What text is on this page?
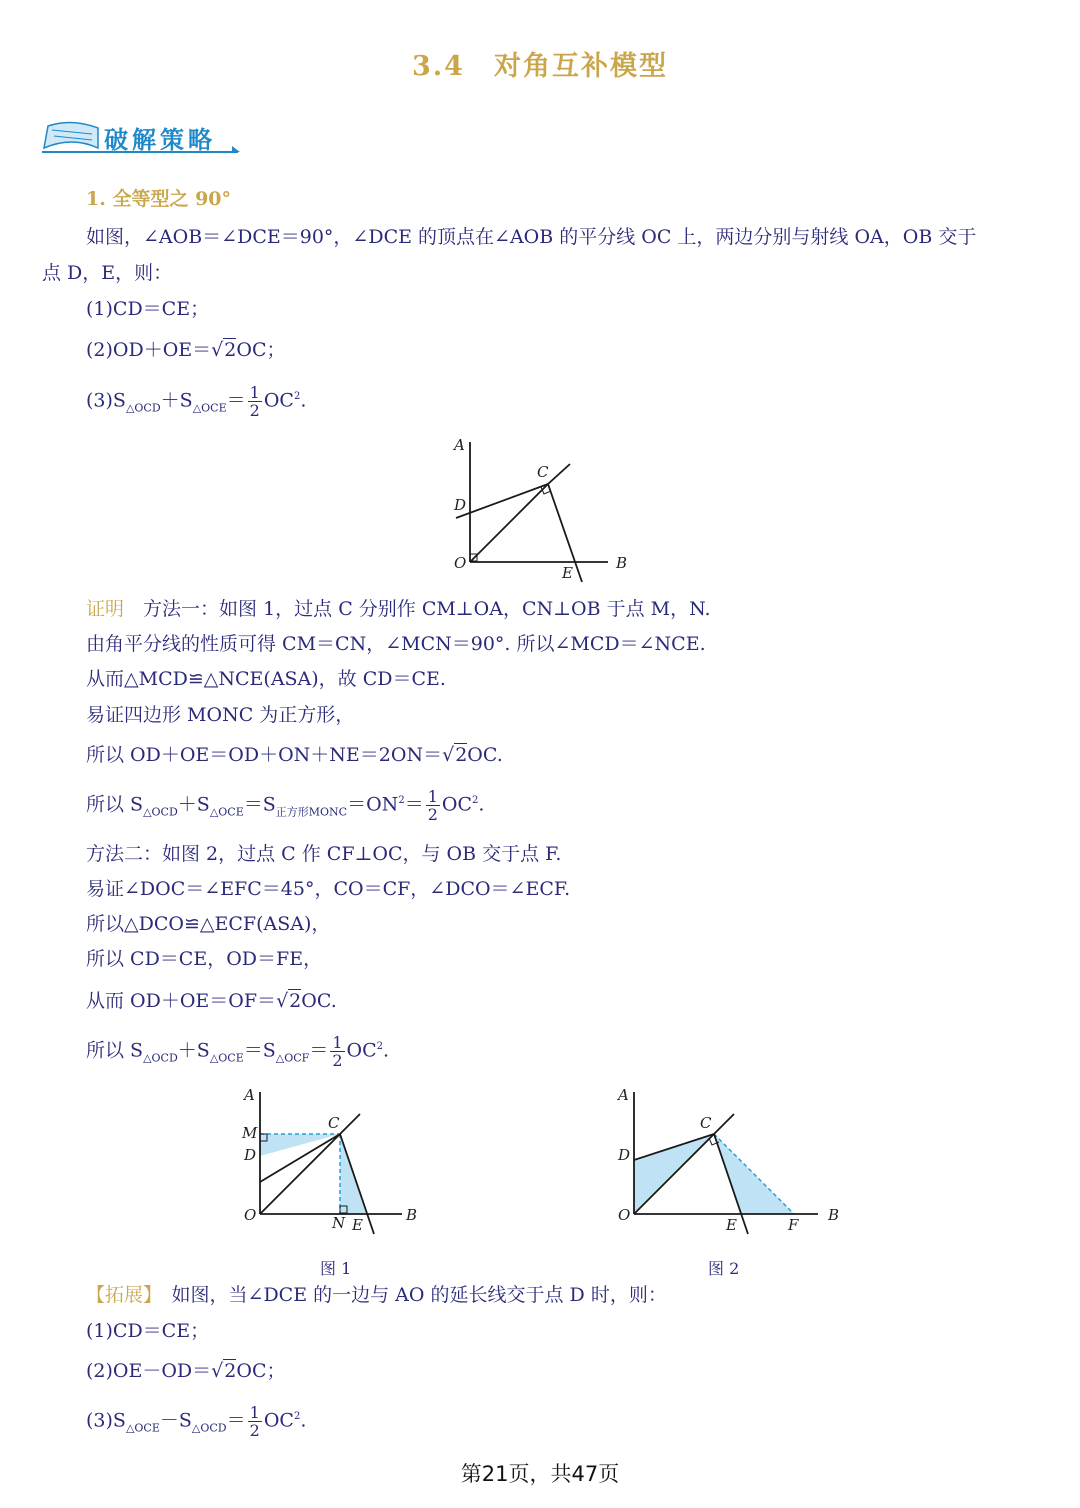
3.4　对角互补模型
破解策略
1. 全等型之 90°
如图，∠AOB＝∠DCE＝90°，∠DCE 的顶点在∠AOB 的平分线 OC 上，两边分别与射线 OA，OB 交于
点 D，E，则：
(1)CD＝CE；
(2)OD＋OE＝√2OC；
$(3)S_{\triangle OCD}+S_{\triangle OCE}= \frac{1}{2} OC^2$.
A
C
D
O
E
B
证明　 方法一：如图 1，过点 C 分别作 CM⊥OA，CN⊥OB 于点 M，N.
由角平分线的性质可得 CM＝CN，∠MCN＝90°. 所以∠MCD＝∠NCE.
从而△MCD≌△NCE(ASA)，故 CD＝CE.
易证四边形 MONC 为正方形，
所以 OD＋OE＝OD＋ON＋NE＝2ON＝√2OC.
所以 $S_{\triangle OCD}+S_{\triangle OCE}=S_{正方形MONC}=ON^2= \frac{1}{2} OC^2$.
方法二：如图 2，过点 C 作 CF⊥OC，与 OB 交于点 F.
易证∠DOC＝∠EFC＝45°，CO＝CF，∠DCO＝∠ECF.
所以△DCO≌△ECF(ASA)，
所以 CD＝CE，OD＝FE，
从而 OD＋OE＝OF＝√2OC.
所以 $S_{\triangle OCD}+S_{\triangle OCE}=S_{\triangle OCF}= \frac{1}{2} OC^2$.
A
M
C
D
O	N E
B
图 1
A
C
D
O
E	F
B
图 2
【拓展】　 如图，当∠DCE 的一边与 AO 的延长线交于点 D 时，则：
(1)CD＝CE；
(2)OE－OD＝√2OC；
$(3)S_{\triangle OCE}-S_{\triangle OCD}= \frac{1}{2} OC^2$.
第21页，共47页
